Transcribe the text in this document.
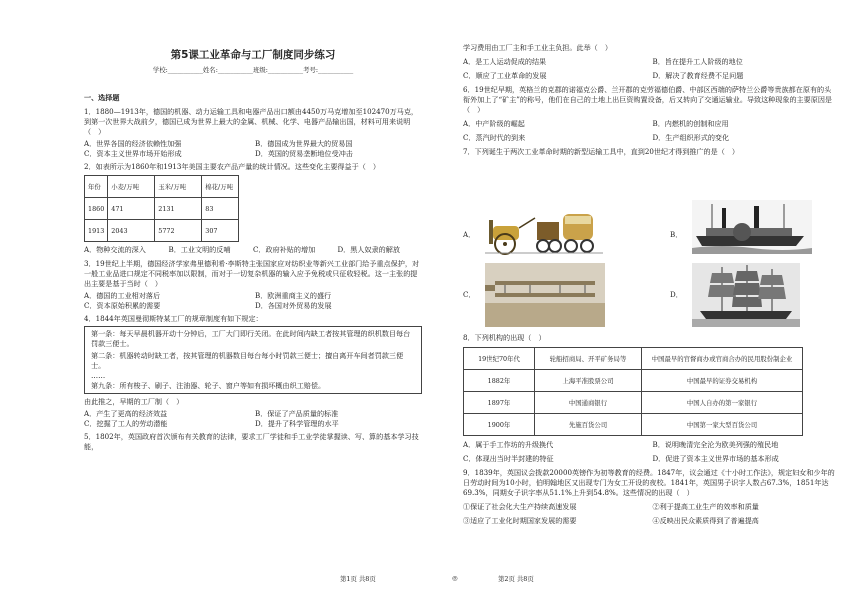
第5课工业革命与工厂制度同步练习
学校:___________姓名:___________班级:___________考号:___________

一、选择题

1．1880—1913年，德国的机器、动力运输工具和电器产品出口额由4450万马克增加至102470万马克，到第一次世界大战前夕，德国已成为世界上最大的金属、机械、化学、电器产品输出国，材料可用来说明（　）

A．世界各国的经济依赖性加强	B．德国成为世界最大的贸易国
C．资本主义世界市场开始形成	D．英国的贸易垄断地位受冲击

2．如表所示为1860年和1913年美国主要农产品产量的统计情况。这些变化主要得益于（　）

年份	小麦/万吨	玉米/万吨	棉花/万吨
1860	471	2131	83
1913	2043	5772	307
A．物种交流的深入	B．工业文明的反哺	C．政府补贴的增加	D．黑人奴隶的解放

3．19世纪上半期，德国经济学家弗里德利希·李斯特主张国家应对纺织业等新兴工业部门给予重点保护，对一般工业品进口规定不同税率加以限制，而对于一切复杂机器的输入应予免税或只征收轻税。这一主张的提出主要是基于当时（　）

A．德国的工业相对落后	B．欧洲重商主义的盛行
C．资本原始积累的需要	D．各国对外贸易的发展

4．1844年英国曼彻斯特某工厂的规章制度有如下规定：

第一条：每天早晨机器开动十分钟后，工厂大门即行关闭。在此时间内缺工者按其管理的织机数目每台罚款三便士。

第二条：机器转动时缺工者，按其管理的机器数目每台每小时罚款三便士；擅自离开车间者罚款三便士。

……

第九条：所有梭子、刷子、注油器、轮子、窗户等如有损坏概由织工赔偿。

由此推之，早期的工厂制（　）

A．产生了更高的经济效益	B．保证了产品质量的标准
C．挖掘了工人的劳动潜能	D．提升了科学管理的水平

5．1802年，英国政府首次颁布有关教育的法律，要求工厂学徒和手工业学徒掌握读、写、算的基本学习技能，

第1页 共8页	◎

学习费用由工厂主和手工业主负担。此举（　）

A．是工人运动促成的结果	B．旨在提升工人阶级的地位
C．顺应了工业革命的发展	D．解决了教育经费不足问题

6．19世纪早期，英格兰的克郡的诺福克公爵、兰开郡的克劳福德伯爵、中部区西端的萨特兰公爵等贵族都在原有的头衔外加上了“矿主”的称号，他们在自己的土地上出巨资购置设备，后又转向了交通运输业。导致这种现象的主要原因是（　）

A．中产阶级的崛起	B．内燃机的创制和应用
C．蒸汽时代的到来	D．生产组织形式的变化

7．下列诞生于两次工业革命时期的新型运输工具中，直到20世纪才得到推广的是（　）

A．	B．
C．	D．

8．下列机构的出现（　）

19世纪70年代	轮船招商局、开平矿务局等	中国最早的官督商办或官商合办的民用股份制企业
1882年	上海平准股票公司	中国最早的证券交易机构
1897年	中国通商银行	中国人自办的第一家银行
1900年	先施百货公司	中国第一家大型百货公司
A．属于手工作坊的升级换代	B．说明晚清完全沦为欧美列强的殖民地
C．体现出当时半封建的特征	D．促进了资本主义世界市场的基本形成

9．1839年，英国议会拨款20000英镑作为初等教育的经费。1847年，议会通过《十小时工作法》，规定妇女和少年的日劳动时间为10小时，伯明翰地区又出现专门为女工开设的夜校。1841年，英国男子识字人数占67.3%，1851年达69.3%，同期女子识字率从51.1%上升到54.8%。这些情况的出现（　）

①保证了社会化大生产持续高速发展	②利于提高工业生产的效率和质量
③适应了工业化时期国家发展的需要	④反映出民众素质得到了普遍提高
第2页 共8页
